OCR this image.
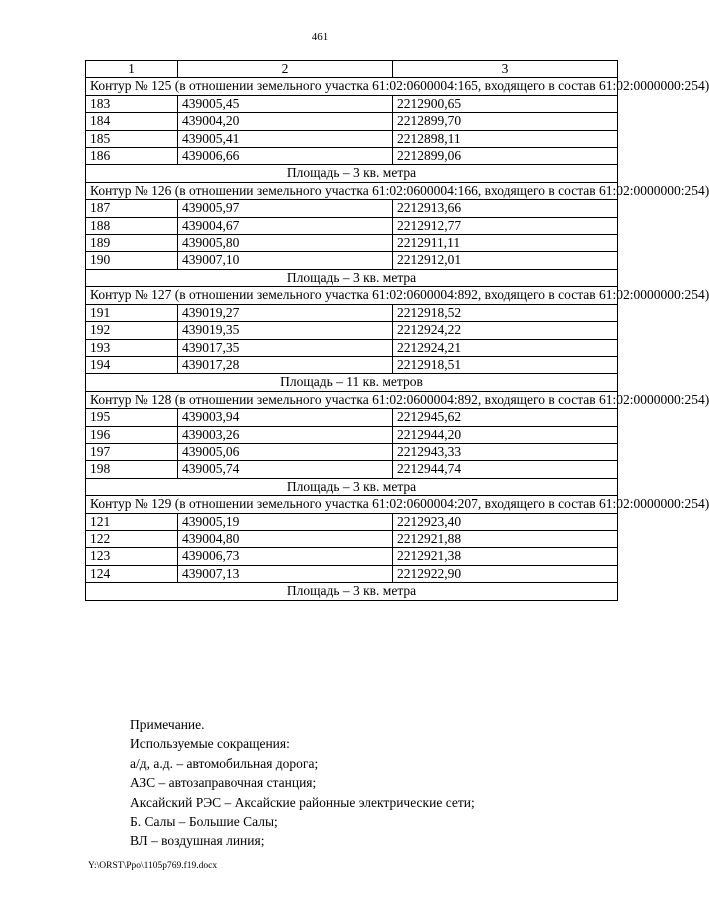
461
1	2	3
Контур № 125 (в отношении земельного участка 61:02:0600004:165, входящего в состав 61:02:0000000:254)		
183	439005,45	2212900,65
184	439004,20	2212899,70
185	439005,41	2212898,11
186	439006,66	2212899,06
Площадь – 3 кв. метра		
Контур № 126 (в отношении земельного участка 61:02:0600004:166, входящего в состав 61:02:0000000:254)		
187	439005,97	2212913,66
188	439004,67	2212912,77
189	439005,80	2212911,11
190	439007,10	2212912,01
Площадь – 3 кв. метра		
Контур № 127 (в отношении земельного участка 61:02:0600004:892, входящего в состав 61:02:0000000:254)		
191	439019,27	2212918,52
192	439019,35	2212924,22
193	439017,35	2212924,21
194	439017,28	2212918,51
Площадь – 11 кв. метров		
Контур № 128 (в отношении земельного участка 61:02:0600004:892, входящего в состав 61:02:0000000:254)		
195	439003,94	2212945,62
196	439003,26	2212944,20
197	439005,06	2212943,33
198	439005,74	2212944,74
Площадь – 3 кв. метра		
Контур № 129 (в отношении земельного участка 61:02:0600004:207, входящего в состав 61:02:0000000:254)		
121	439005,19	2212923,40
122	439004,80	2212921,88
123	439006,73	2212921,38
124	439007,13	2212922,90
Площадь – 3 кв. метра		
Примечание.
Используемые сокращения:
а/д, а.д. – автомобильная дорога;
АЗС – автозаправочная станция;
Аксайский РЭС – Аксайские районные электрические сети;
Б. Салы – Большие Салы;
ВЛ – воздушная линия;
Y:\ORST\Ppo\1105p769.f19.docx
